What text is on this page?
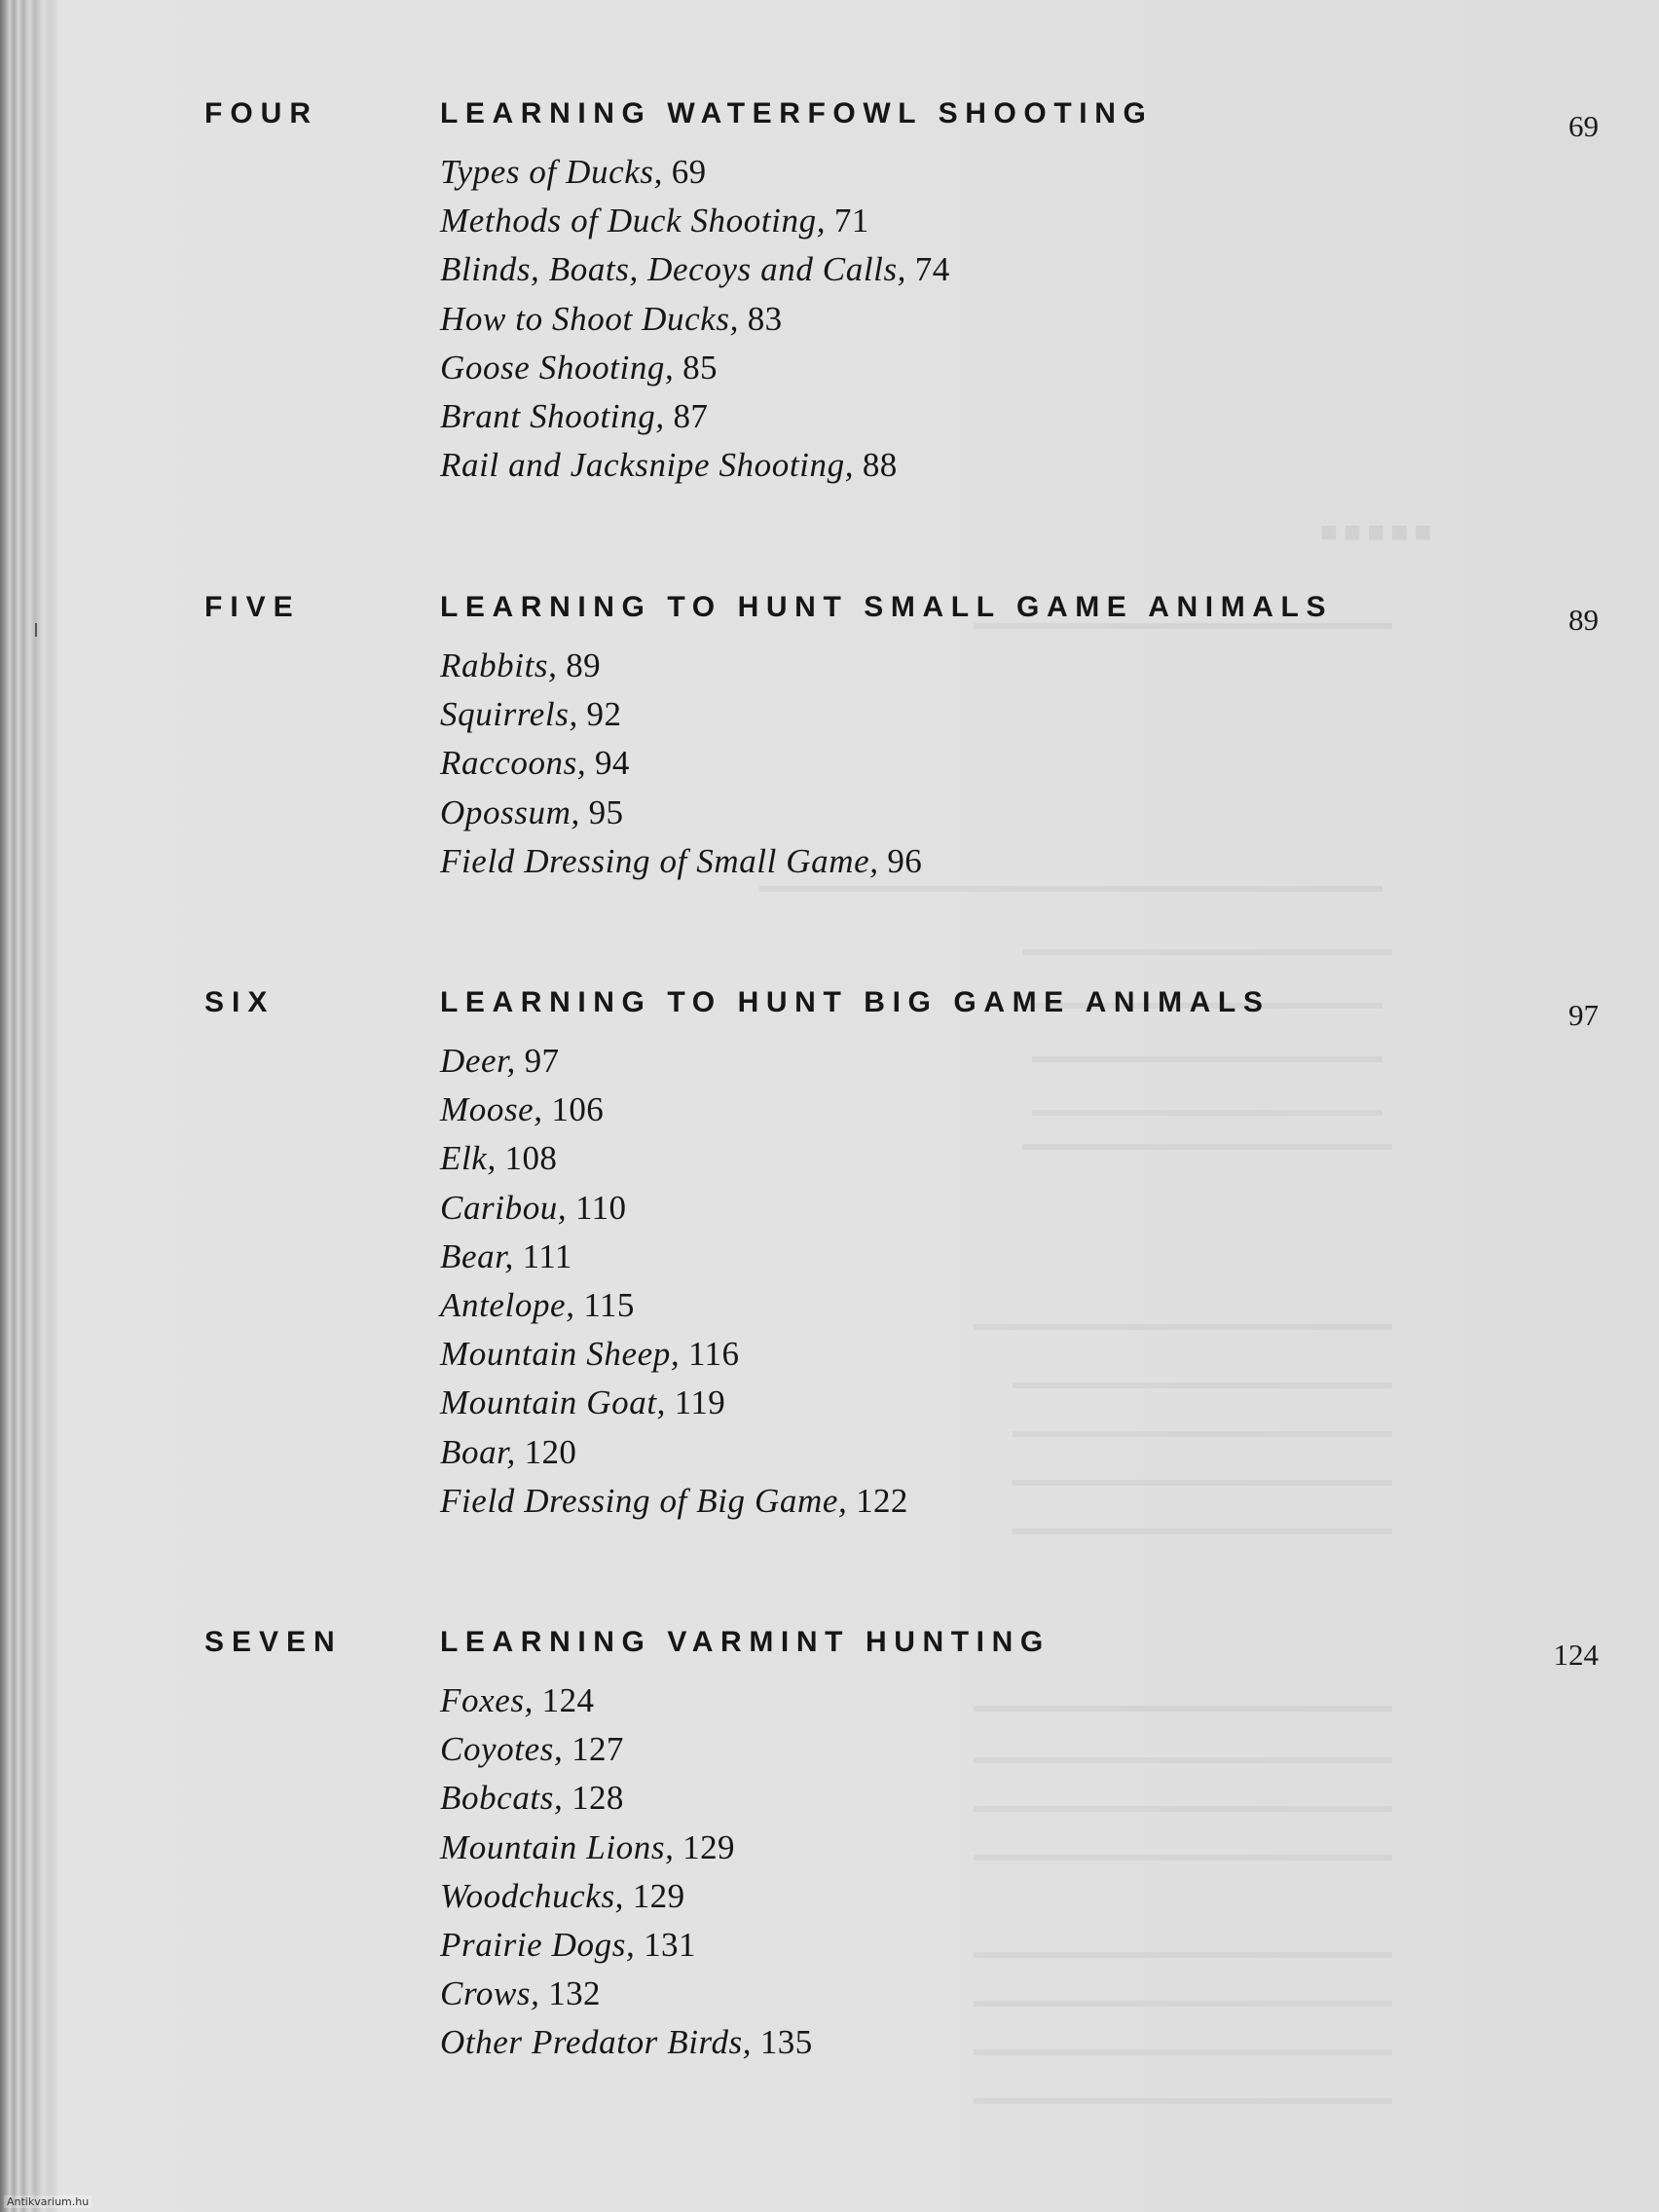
■■■■■
FOUR	LEARNING WATERFOWL SHOOTING	69
Types of Ducks, 69
Methods of Duck Shooting, 71
Blinds, Boats, Decoys and Calls, 74
How to Shoot Ducks, 83
Goose Shooting, 85
Brant Shooting, 87
Rail and Jacksnipe Shooting, 88
FIVE	LEARNING TO HUNT SMALL GAME ANIMALS	89
Rabbits, 89
Squirrels, 92
Raccoons, 94
Opossum, 95
Field Dressing of Small Game, 96
SIX	LEARNING TO HUNT BIG GAME ANIMALS	97
Deer, 97
Moose, 106
Elk, 108
Caribou, 110
Bear, 111
Antelope, 115
Mountain Sheep, 116
Mountain Goat, 119
Boar, 120
Field Dressing of Big Game, 122
SEVEN	LEARNING VARMINT HUNTING	124
Foxes, 124
Coyotes, 127
Bobcats, 128
Mountain Lions, 129
Woodchucks, 129
Prairie Dogs, 131
Crows, 132
Other Predator Birds, 135
Antikvarium.hu
